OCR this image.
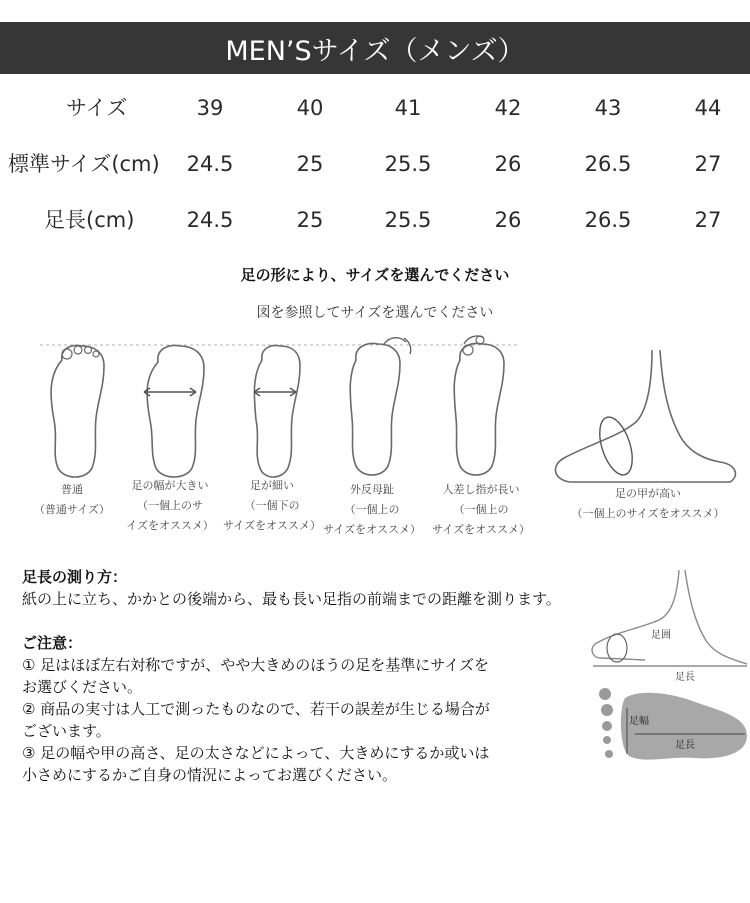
MEN’Sサイズ（メンズ）
サイズ	39	40	41	42	43	44
標準サイズ(cm)	24.5	25	25.5	26	26.5	27
足長(cm)	24.5	25	25.5	26	26.5	27
足の形により、サイズを選んでください
図を参照してサイズを選んでください
普通
（普通サイズ）
足の幅が大きい
（一個上のサ
イズをオススメ）
足が細い
（一個下の
サイズをオススメ）
外反母趾
（一個上の
サイズをオススメ）
人差し指が長い
（一個上の
サイズをオススメ）
足の甲が高い
（一個上のサイズをオススメ）

足長の測り方：

紙の上に立ち、かかとの後端から、最も長い足指の前端までの距離を測ります。

ご注意：

① 足はほぼ左右対称ですが、やや大きめのほうの足を基準にサイズを

お選びください。

② 商品の実寸は人工で測ったものなので、若干の誤差が生じる場合が

ございます。

③ 足の幅や甲の高さ、足の太さなどによって、大きめにするか或いは

小さめにするかご自身の情況によってお選びください。

足囲
足長
足幅
足長
